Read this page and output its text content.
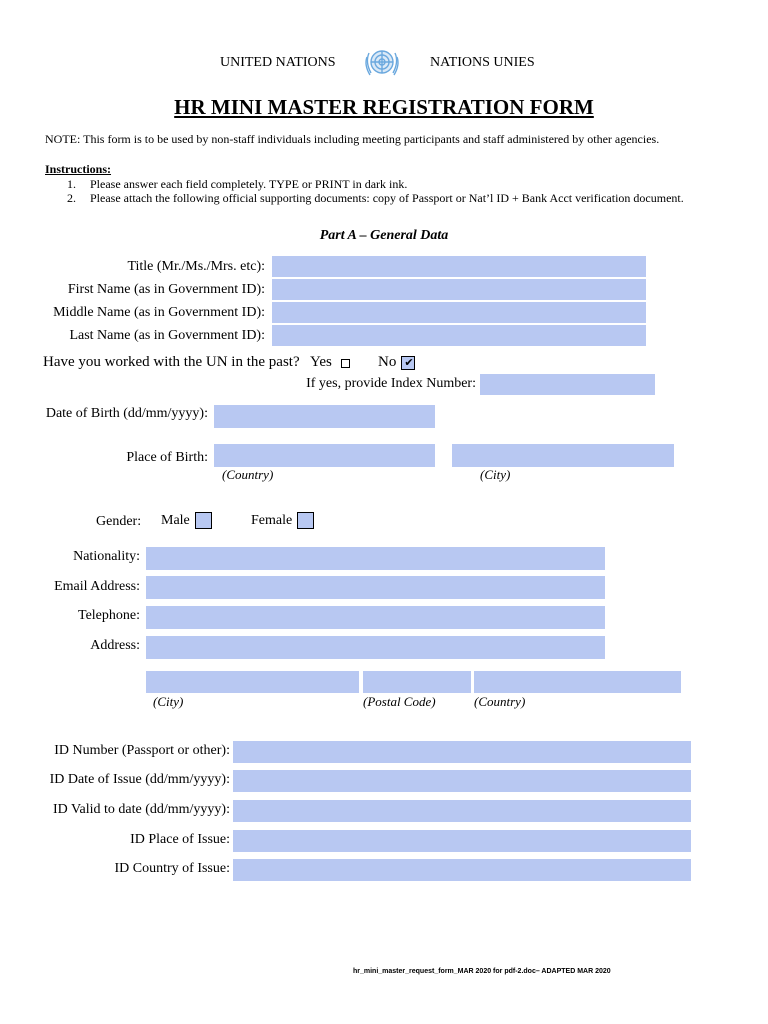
UNITED NATIONS	NATIONS UNIES
HR MINI MASTER REGISTRATION FORM
NOTE: This form is to be used by non-staff individuals including meeting participants and staff administered by other agencies.
Instructions:
1. Please answer each field completely. TYPE or PRINT in dark ink.
2. Please attach the following official supporting documents: copy of Passport or Nat’l ID + Bank Acct verification document.
Part A – General Data
Title (Mr./Ms./Mrs. etc):
First Name (as in Government ID):
Middle Name (as in Government ID):
Last Name (as in Government ID):
Have you worked with the UN in the past? Yes	No ✔
If yes, provide Index Number:
Date of Birth (dd/mm/yyyy):
Place of Birth:
(Country)	(City)
Gender: Male	Female
Nationality:
Email Address:
Telephone:
Address:
(City)	(Postal Code)	(Country)
ID Number (Passport or other):
ID Date of Issue (dd/mm/yyyy):
ID Valid to date (dd/mm/yyyy):
ID Place of Issue:
ID Country of Issue:
hr_mini_master_request_form_MAR 2020 for pdf-2.doc– ADAPTED MAR 2020
